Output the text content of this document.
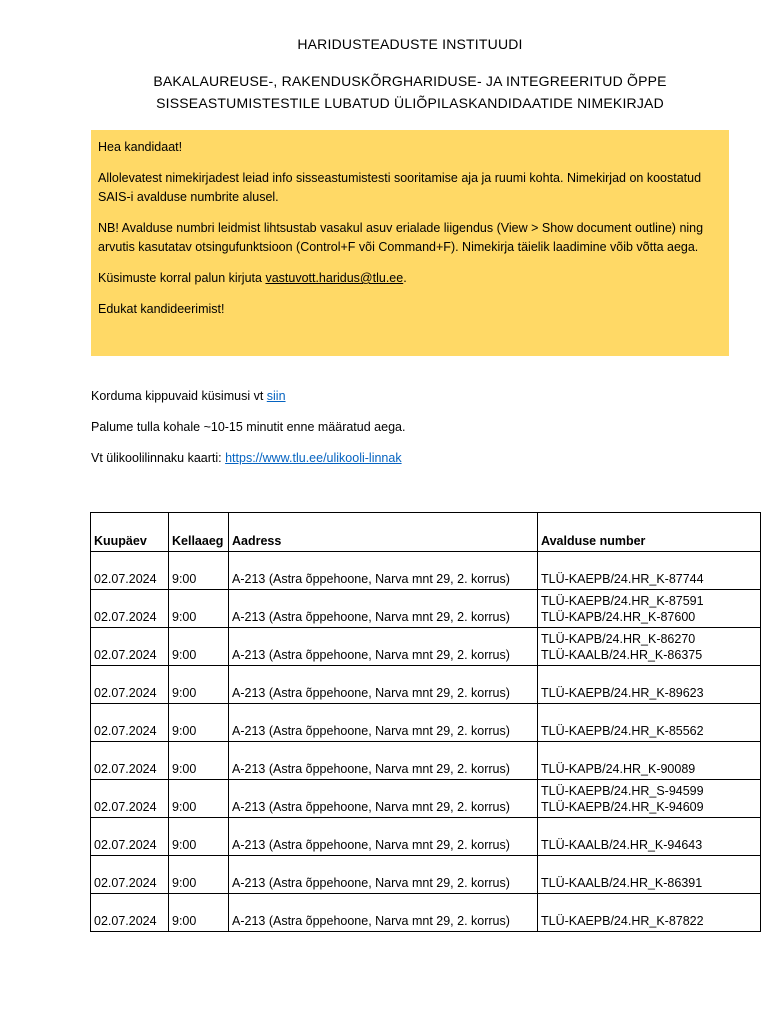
HARIDUSTEADUSTE INSTITUUDI
BAKALAUREUSE-, RAKENDUSKÕRGHARIDUSE- JA INTEGREERITUD ÕPPE
SISSEASTUMISTESTILE LUBATUD ÜLIÕPILASKANDIDAATIDE NIMEKIRJAD

Hea kandidaat!

Allolevatest nimekirjadest leiad info sisseastumistesti sooritamise aja ja ruumi kohta. Nimekirjad on koostatud SAIS-i avalduse numbrite alusel.

NB! Avalduse numbri leidmist lihtsustab vasakul asuv erialade liigendus (View > Show document outline) ning arvutis kasutatav otsingufunktsioon (Control+F või Command+F). Nimekirja täielik laadimine võib võtta aega.

Küsimuste korral palun kirjuta vastuvott.haridus@tlu.ee.

Edukat kandideerimist!

Korduma kippuvaid küsimusi vt siin
Palume tulla kohale ~10-15 minutit enne määratud aega.
Vt ülikoolilinnaku kaarti: https://www.tlu.ee/ulikooli-linnak
Kuupäev	Kellaaeg	Aadress	Avalduse number
02.07.2024	9:00	A-213 (Astra õppehoone, Narva mnt 29, 2. korrus)	TLÜ-KAEPB/24.HR_K-87744

02.07.2024	9:00	A-213 (Astra õppehoone, Narva mnt 29, 2. korrus)	TLÜ-KAEPB/24.HR_K-87591
TLÜ-KAPB/24.HR_K-87600

02.07.2024	9:00	A-213 (Astra õppehoone, Narva mnt 29, 2. korrus)	TLÜ-KAPB/24.HR_K-86270
TLÜ-KAALB/24.HR_K-86375

02.07.2024	9:00	A-213 (Astra õppehoone, Narva mnt 29, 2. korrus)	TLÜ-KAEPB/24.HR_K-89623

02.07.2024	9:00	A-213 (Astra õppehoone, Narva mnt 29, 2. korrus)	TLÜ-KAEPB/24.HR_K-85562

02.07.2024	9:00	A-213 (Astra õppehoone, Narva mnt 29, 2. korrus)	TLÜ-KAPB/24.HR_K-90089

02.07.2024	9:00	A-213 (Astra õppehoone, Narva mnt 29, 2. korrus)	TLÜ-KAEPB/24.HR_S-94599
TLÜ-KAEPB/24.HR_K-94609

02.07.2024	9:00	A-213 (Astra õppehoone, Narva mnt 29, 2. korrus)	TLÜ-KAALB/24.HR_K-94643

02.07.2024	9:00	A-213 (Astra õppehoone, Narva mnt 29, 2. korrus)	TLÜ-KAALB/24.HR_K-86391

02.07.2024	9:00	A-213 (Astra õppehoone, Narva mnt 29, 2. korrus)	TLÜ-KAEPB/24.HR_K-87822
